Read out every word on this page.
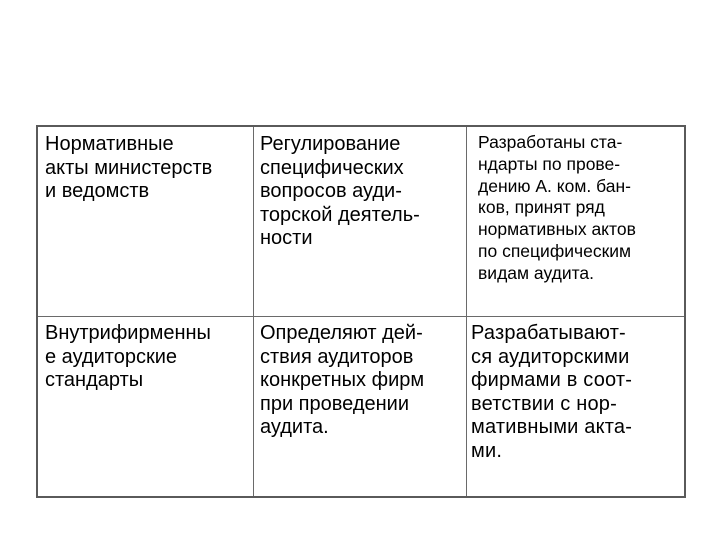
Нормативные
акты министерств
и ведомств
Регулирование
специфических
вопросов ауди-
торской деятель-
ности
Разработаны ста-
ндарты по прове-
дению А. ком. бан-
ков, принят ряд
нормативных актов
по специфическим
видам аудита.
Внутрифирменны
е аудиторские
стандарты
Определяют дей-
ствия аудиторов
конкретных фирм
при проведении
аудита.
Разрабатывают-
ся аудиторскими
фирмами в соот-
ветствии с нор-
мативными акта-
ми.
